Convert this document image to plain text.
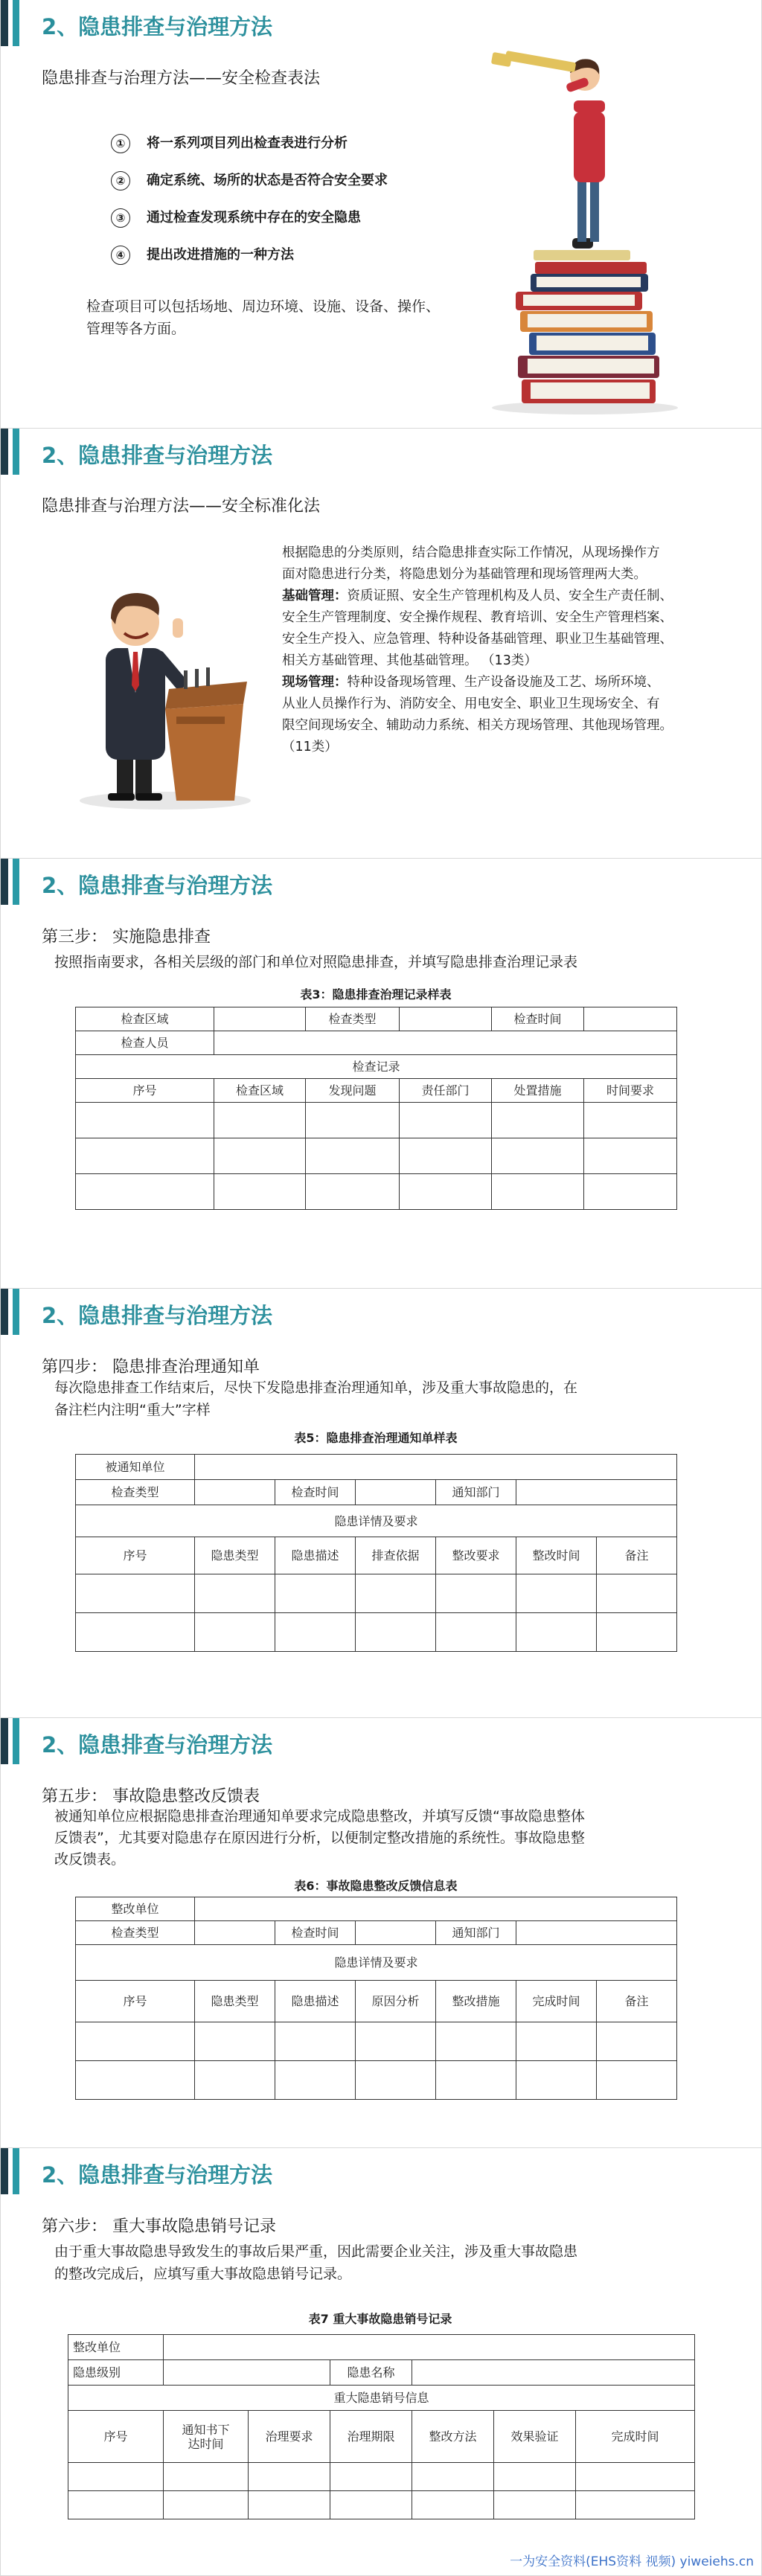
2、隐患排查与治理方法
隐患排查与治理方法——安全检查表法
① 将一系列项目列出检查表进行分析
② 确定系统、场所的状态是否符合安全要求
③ 通过检查发现系统中存在的安全隐患
④ 提出改进措施的一种方法
检查项目可以包括场地、周边环境、设施、设备、操作、
管理等各方面。
2、隐患排查与治理方法
隐患排查与治理方法——安全标准化法
根据隐患的分类原则，结合隐患排查实际工作情况，从现场操作方
面对隐患进行分类，将隐患划分为基础管理和现场管理两大类。
基础管理：资质证照、安全生产管理机构及人员、安全生产责任制、
安全生产管理制度、安全操作规程、教育培训、安全生产管理档案、
安全生产投入、应急管理、特种设备基础管理、职业卫生基础管理、
相关方基础管理、其他基础管理。 （13类）
现场管理：特种设备现场管理、生产设备设施及工艺、场所环境、
从业人员操作行为、消防安全、用电安全、职业卫生现场安全、有
限空间现场安全、辅助动力系统、相关方现场管理、其他现场管理。
（11类）
2、隐患排查与治理方法
第三步： 实施隐患排查
按照指南要求，各相关层级的部门和单位对照隐患排查，并填写隐患排查治理记录表
表3：隐患排查治理记录样表
检查区域		检查类型		检查时间	
检查人员					
检查记录					
序号	检查区域	发现问题	责任部门	处置措施	时间要求

2、隐患排查与治理方法
第四步： 隐患排查治理通知单
每次隐患排查工作结束后，尽快下发隐患排查治理通知单，涉及重大事故隐患的，在
备注栏内注明“重大”字样
表5：隐患排查治理通知单样表
被通知单位						
检查类型		检查时间		通知部门		
隐患详情及要求						
序号	隐患类型	隐患描述	排查依据	整改要求	整改时间	备注

2、隐患排查与治理方法
第五步： 事故隐患整改反馈表
被通知单位应根据隐患排查治理通知单要求完成隐患整改，并填写反馈“事故隐患整体
反馈表”，尤其要对隐患存在原因进行分析，以便制定整改措施的系统性。事故隐患整
改反馈表。
表6：事故隐患整改反馈信息表
整改单位						
检查类型		检查时间		通知部门		
隐患详情及要求						
序号	隐患类型	隐患描述	原因分析	整改措施	完成时间	备注

2、隐患排查与治理方法
第六步： 重大事故隐患销号记录
由于重大事故隐患导致发生的事故后果严重，因此需要企业关注，涉及重大事故隐患
的整改完成后，应填写重大事故隐患销号记录。
表7 重大事故隐患销号记录
整改单位						
隐患级别			隐患名称			
重大隐患销号信息						
序号	通知书下达时间	治理要求	治理期限	整改方法	效果验证	完成时间

一为安全资料(EHS资料 视频) yiweiehs.cn
